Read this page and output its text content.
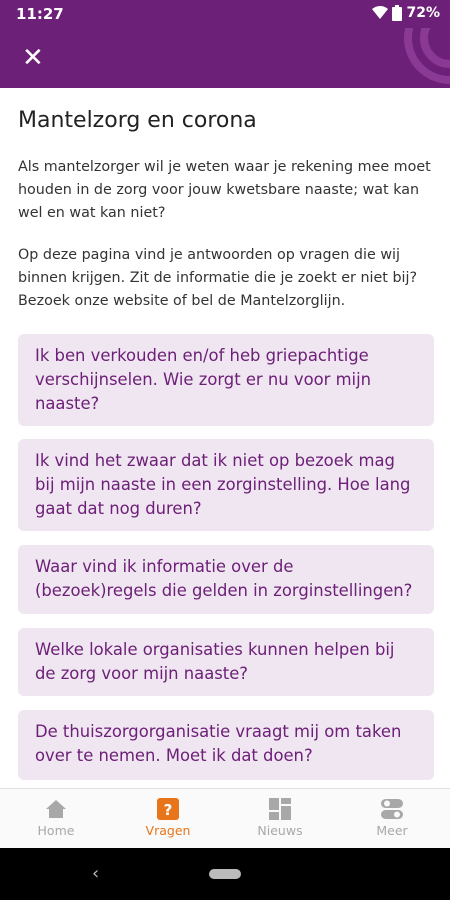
11:27	72%
✕
Mantelzorg en corona

Als mantelzorger wil je weten waar je rekening mee moet houden in de zorg voor jouw kwetsbare naaste; wat kan wel en wat kan niet?

Op deze pagina vind je antwoorden op vragen die wij binnen krijgen. Zit de informatie die je zoekt er niet bij? Bezoek onze website of bel de Mantelzorglijn.

Ik ben verkouden en/of heb griepachtige verschijnselen. Wie zorgt er nu voor mijn naaste?
Ik vind het zwaar dat ik niet op bezoek mag bij mijn naaste in een zorginstelling. Hoe lang gaat dat nog duren?
Waar vind ik informatie over de (bezoek)regels die gelden in zorginstellingen?
Welke lokale organisaties kunnen helpen bij de zorg voor mijn naaste?
De thuiszorgorganisatie vraagt mij om taken over te nemen. Moet ik dat doen?
Home
?
Vragen	Nieuws	Meer
‹
